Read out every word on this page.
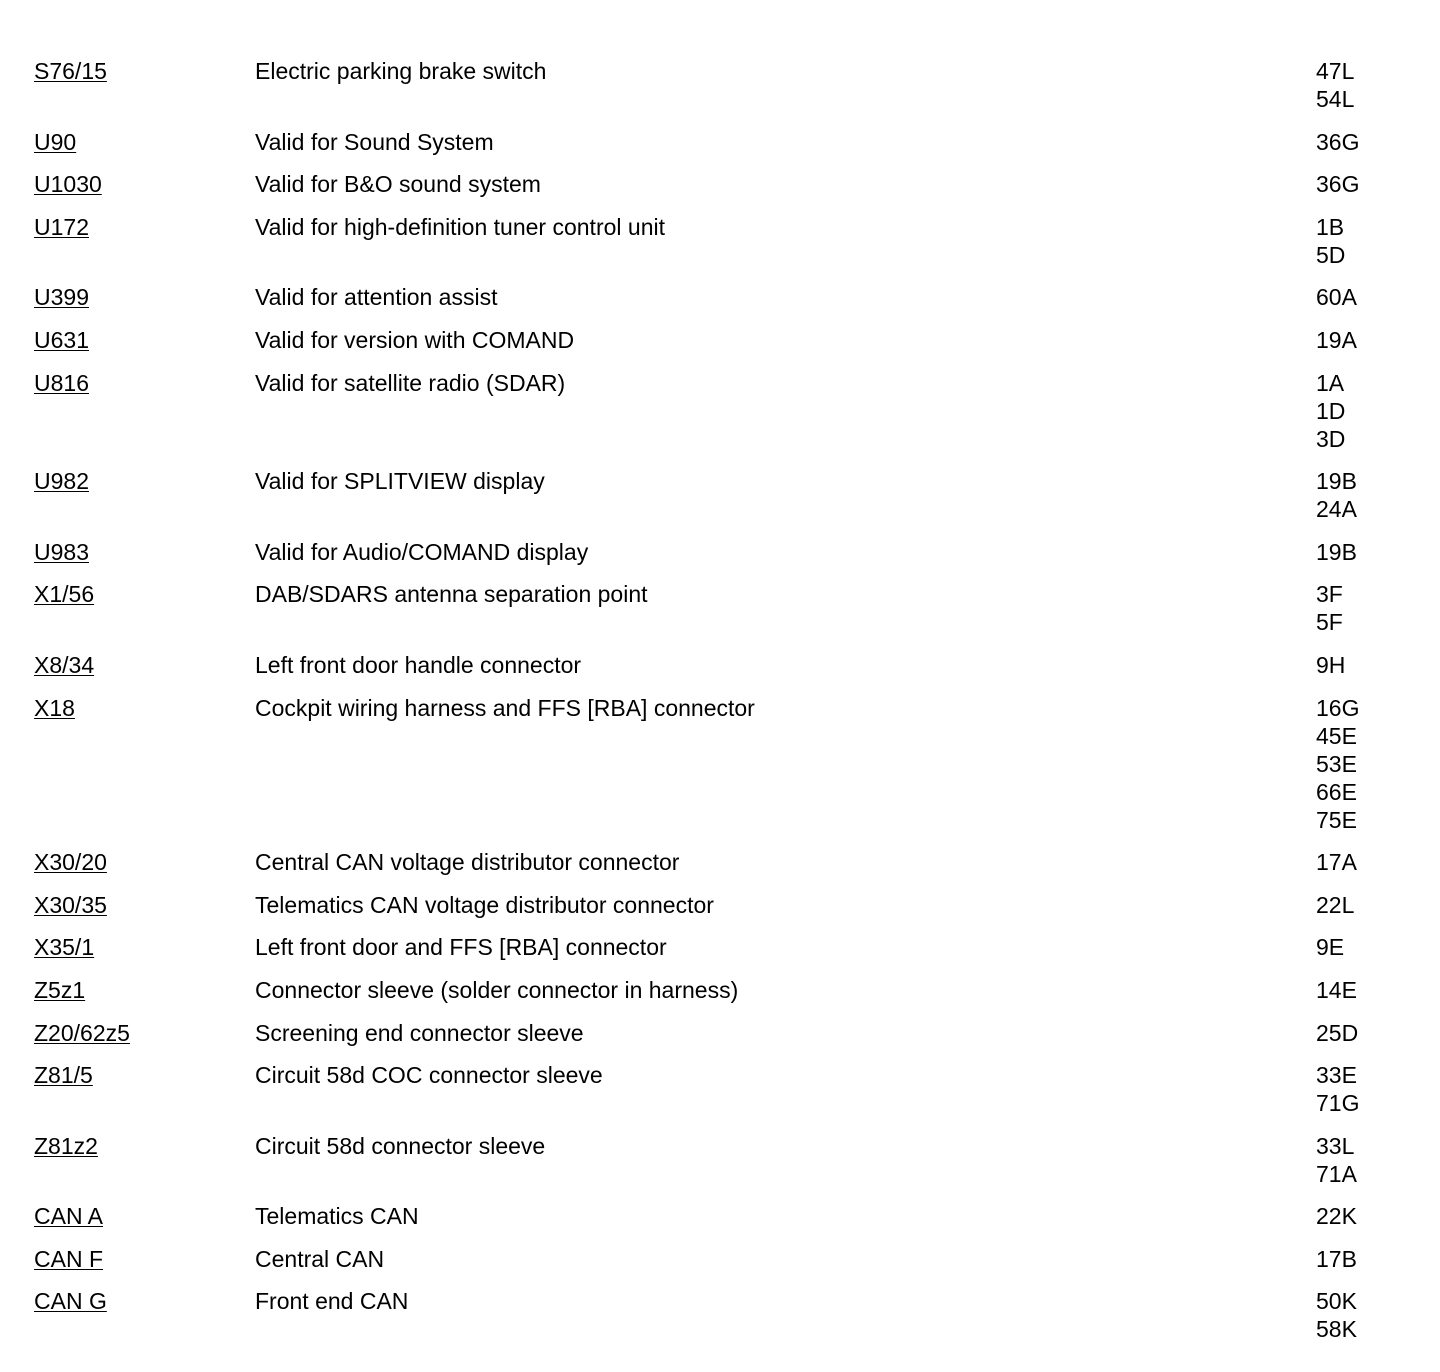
S76/15	Electric parking brake switch	47L
54L
U90	Valid for Sound System	36G
U1030	Valid for B&O sound system	36G
U172	Valid for high-definition tuner control unit	1B
5D
U399	Valid for attention assist	60A
U631	Valid for version with COMAND	19A
U816	Valid for satellite radio (SDAR)	1A
1D
3D
U982	Valid for SPLITVIEW display	19B
24A
U983	Valid for Audio/COMAND display	19B
X1/56	DAB/SDARS antenna separation point	3F
5F
X8/34	Left front door handle connector	9H
X18	Cockpit wiring harness and FFS [RBA] connector	16G
45E
53E
66E
75E
X30/20	Central CAN voltage distributor connector	17A
X30/35	Telematics CAN voltage distributor connector	22L
X35/1	Left front door and FFS [RBA] connector	9E
Z5z1	Connector sleeve (solder connector in harness)	14E
Z20/62z5	Screening end connector sleeve	25D
Z81/5	Circuit 58d COC connector sleeve	33E
71G
Z81z2	Circuit 58d connector sleeve	33L
71A
CAN A	Telematics CAN	22K
CAN F	Central CAN	17B
CAN G	Front end CAN	50K
58K
